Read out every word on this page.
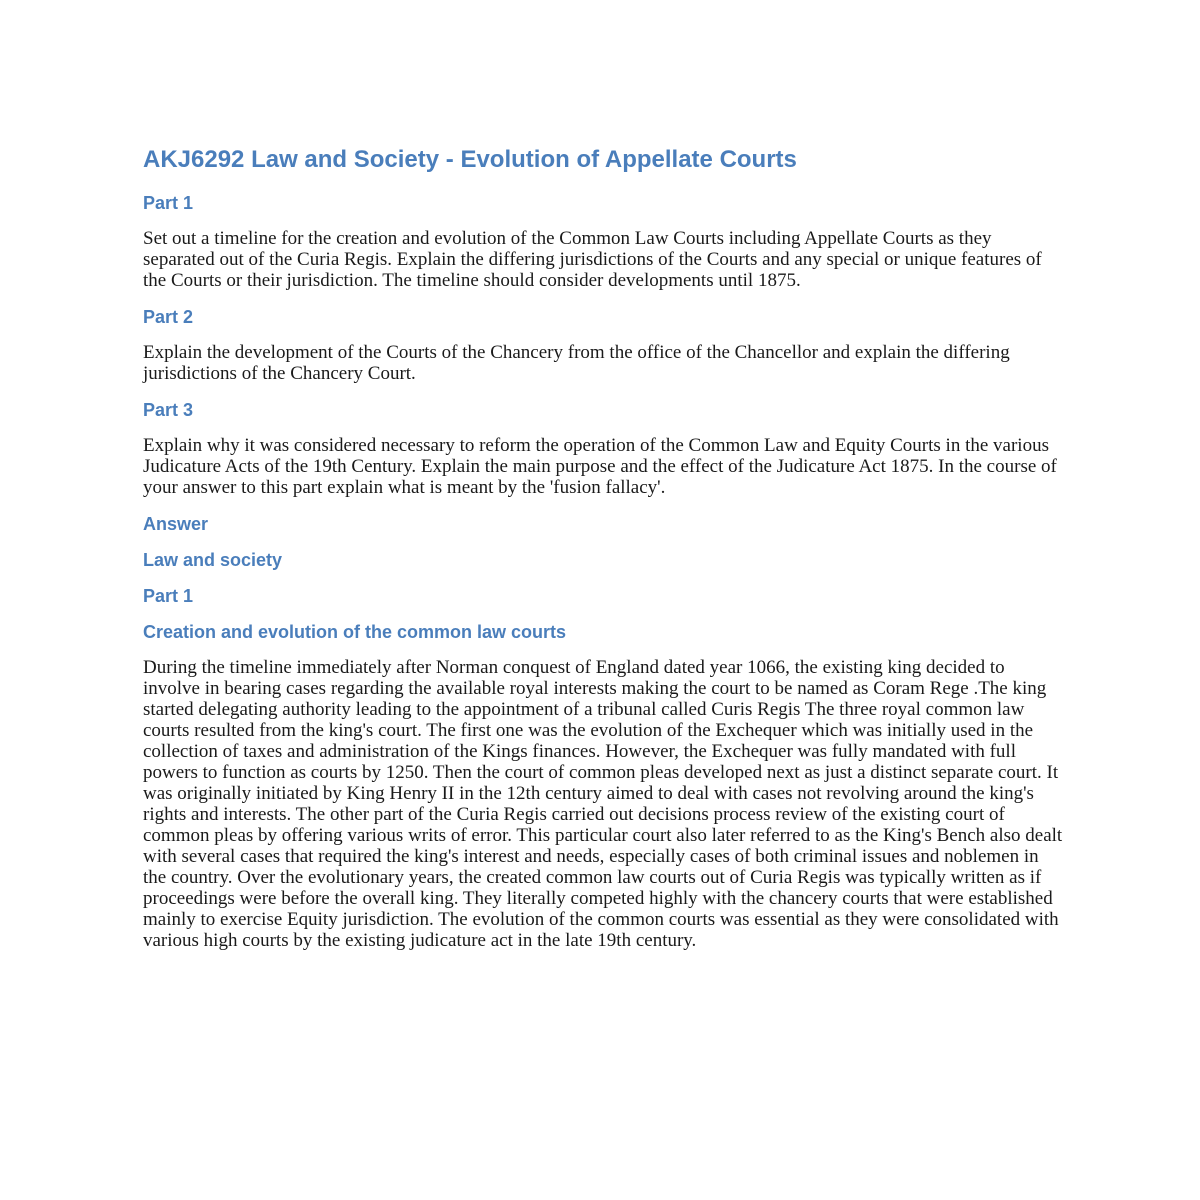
AKJ6292 Law and Society - Evolution of Appellate Courts
Part 1

Set out a timeline for the creation and evolution of the Common Law Courts including Appellate Courts as they separated out of the Curia Regis. Explain the differing jurisdictions of the Courts and any special or unique features of the Courts or their jurisdiction. The timeline should consider developments until 1875.

Part 2

Explain the development of the Courts of the Chancery from the office of the Chancellor and explain the differing jurisdictions of the Chancery Court.

Part 3

Explain why it was considered necessary to reform the operation of the Common Law and Equity Courts in the various Judicature Acts of the 19th Century. Explain the main purpose and the effect of the Judicature Act 1875. In the course of your answer to this part explain what is meant by the 'fusion fallacy'.

Answer
Law and society
Part 1
Creation and evolution of the common law courts

During the timeline immediately after Norman conquest of England dated year 1066, the existing king decided to involve in bearing cases regarding the available royal interests making the court to be named as Coram Rege .The king started delegating authority leading to the appointment of a tribunal called Curis Regis The three royal common law courts resulted from the king's court. The first one was the evolution of the Exchequer which was initially used in the collection of taxes and administration of the Kings finances. However, the Exchequer was fully mandated with full powers to function as courts by 1250. Then the court of common pleas developed next as just a distinct separate court. It was originally initiated by King Henry II in the 12th century aimed to deal with cases not revolving around the king's rights and interests. The other part of the Curia Regis carried out decisions process review of the existing court of common pleas by offering various writs of error. This particular court also later referred to as the King's Bench also dealt with several cases that required the king's interest and needs, especially cases of both criminal issues and noblemen in the country. Over the evolutionary years, the created common law courts out of Curia Regis was typically written as if proceedings were before the overall king. They literally competed highly with the chancery courts that were established mainly to exercise Equity jurisdiction. The evolution of the common courts was essential as they were consolidated with various high courts by the existing judicature act in the late 19th century.
